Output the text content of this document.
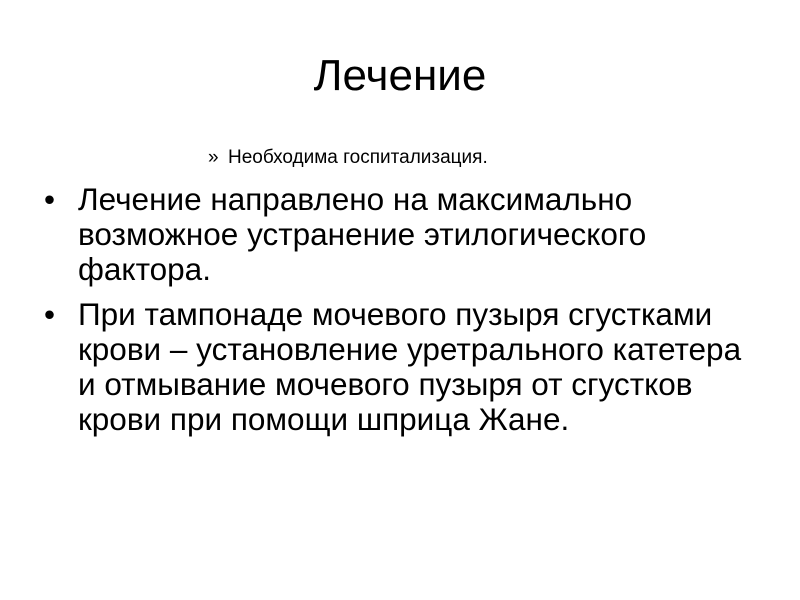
Лечение
» Необходима госпитализация.
• Лечение направлено на максимально возможное устранение этилогического фактора.
• При тампонаде мочевого пузыря сгустками крови – установление уретрального катетера и отмывание мочевого пузыря от сгустков крови при помощи шприца Жане.
